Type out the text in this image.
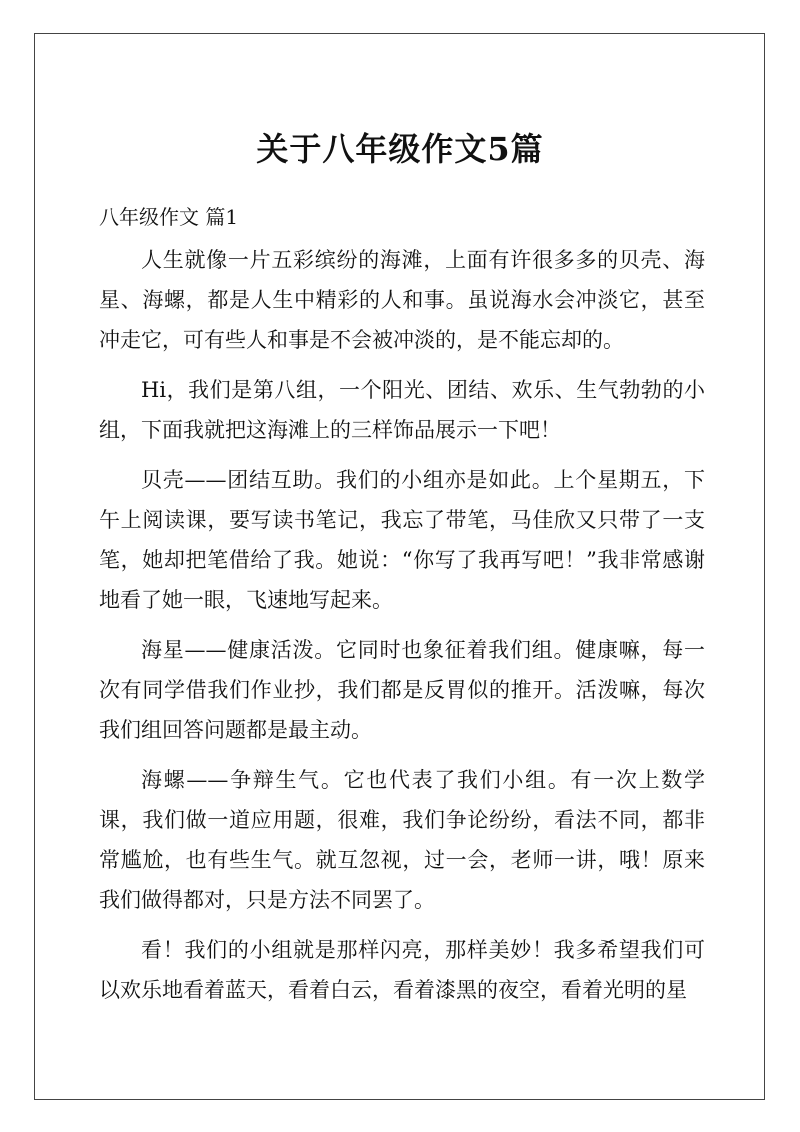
关于八年级作文5篇
八年级作文 篇1

人生就像一片五彩缤纷的海滩，上面有许很多多的贝壳、海星、海螺，都是人生中精彩的人和事。虽说海水会冲淡它，甚至冲走它，可有些人和事是不会被冲淡的，是不能忘却的。

Hi，我们是第八组，一个阳光、团结、欢乐、生气勃勃的小组，下面我就把这海滩上的三样饰品展示一下吧！

贝壳——团结互助。我们的小组亦是如此。上个星期五，下午上阅读课，要写读书笔记，我忘了带笔，马佳欣又只带了一支笔，她却把笔借给了我。她说：“你写了我再写吧！”我非常感谢地看了她一眼，飞速地写起来。

海星——健康活泼。它同时也象征着我们组。健康嘛，每一次有同学借我们作业抄，我们都是反胃似的推开。活泼嘛，每次我们组回答问题都是最主动。

海螺——争辩生气。它也代表了我们小组。有一次上数学课，我们做一道应用题，很难，我们争论纷纷，看法不同，都非常尴尬，也有些生气。就互忽视，过一会，老师一讲，哦！原来我们做得都对，只是方法不同罢了。

看！我们的小组就是那样闪亮，那样美妙！我多希望我们可以欢乐地看着蓝天，看着白云，看着漆黑的夜空，看着光明的星
